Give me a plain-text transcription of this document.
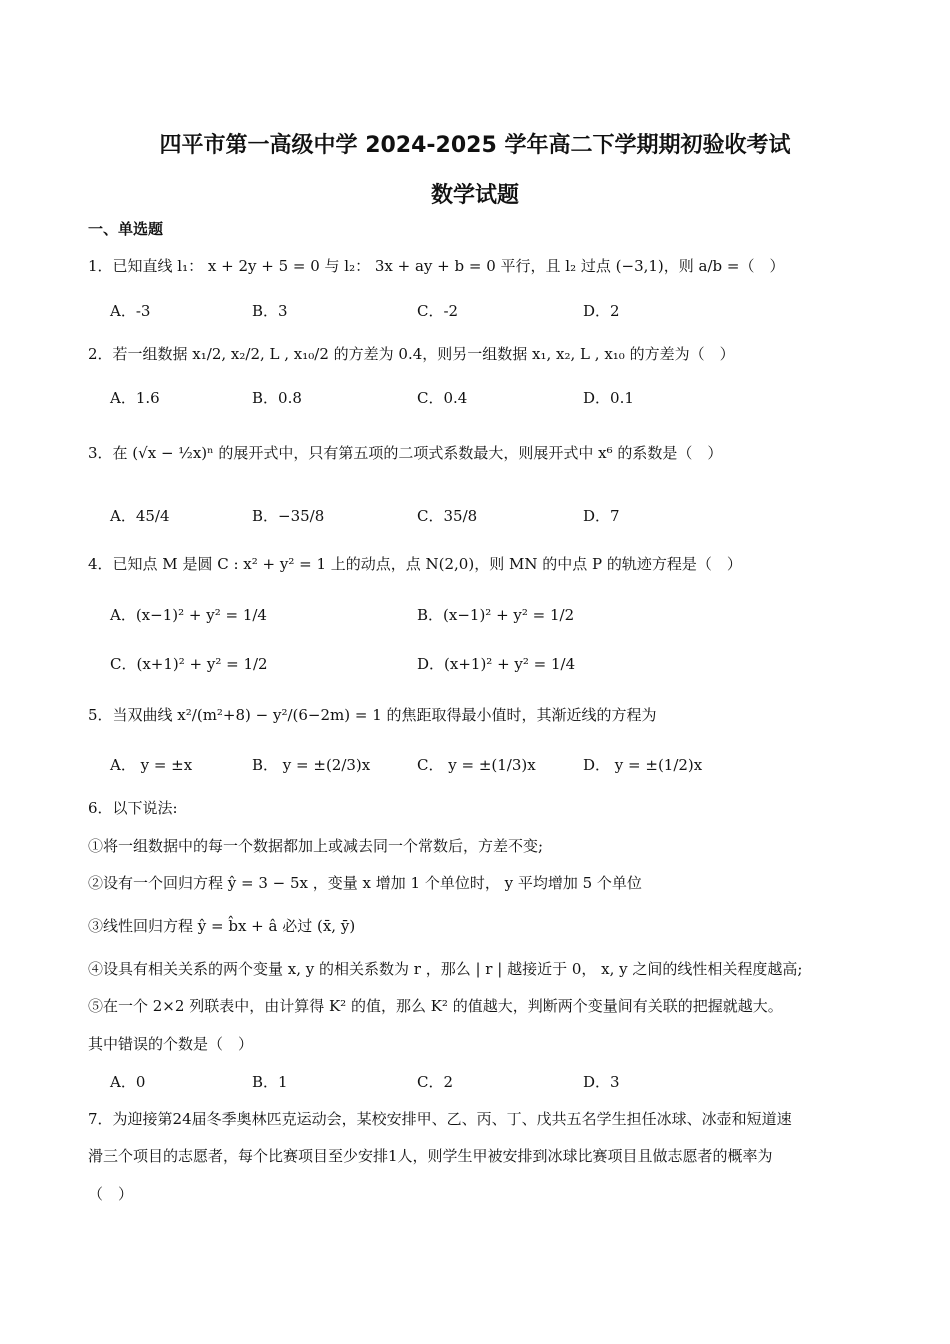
四平市第一高级中学 2024-2025 学年高二下学期期初验收考试
数学试题
一、单选题
1．已知直线 l₁： x + 2y + 5 = 0 与 l₂： 3x + ay + b = 0 平行，且 l₂ 过点 (−3,1)，则 a/b =（　）
A．-3	B．3	C．-2	D．2
2．若一组数据 x₁/2, x₂/2, L , x₁₀/2 的方差为 0.4，则另一组数据 x₁, x₂, L , x₁₀ 的方差为（　）
A．1.6	B．0.8	C．0.4	D．0.1
3．在 (√x − ½x)ⁿ 的展开式中，只有第五项的二项式系数最大，则展开式中 x⁶ 的系数是（　）
A．45/4	B．−35/8	C．35/8	D．7
4．已知点 M 是圆 C : x² + y² = 1 上的动点，点 N(2,0)，则 MN 的中点 P 的轨迹方程是（　）
A．(x−1)² + y² = 1/4	B．(x−1)² + y² = 1/2
C．(x+1)² + y² = 1/2	D．(x+1)² + y² = 1/4
5．当双曲线 x²/(m²+8) − y²/(6−2m) = 1 的焦距取得最小值时，其渐近线的方程为
A． y = ±x	B． y = ±(2/3)x	C． y = ±(1/3)x	D． y = ±(1/2)x
6．以下说法:
①将一组数据中的每一个数据都加上或减去同一个常数后，方差不变;
②设有一个回归方程 ŷ = 3 − 5x ，变量 x 增加 1 个单位时， y 平均增加 5 个单位
③线性回归方程 ŷ = b̂x + â 必过 (x̄, ȳ)
④设具有相关关系的两个变量 x, y 的相关系数为 r ，那么 | r | 越接近于 0， x, y 之间的线性相关程度越高;
⑤在一个 2×2 列联表中，由计算得 K² 的值，那么 K² 的值越大，判断两个变量间有关联的把握就越大。
其中错误的个数是（　）
A．0	B．1	C．2	D．3
7．为迎接第24届冬季奥林匹克运动会，某校安排甲、乙、丙、丁、戊共五名学生担任冰球、冰壶和短道速
滑三个项目的志愿者，每个比赛项目至少安排1人，则学生甲被安排到冰球比赛项目且做志愿者的概率为
（　）
